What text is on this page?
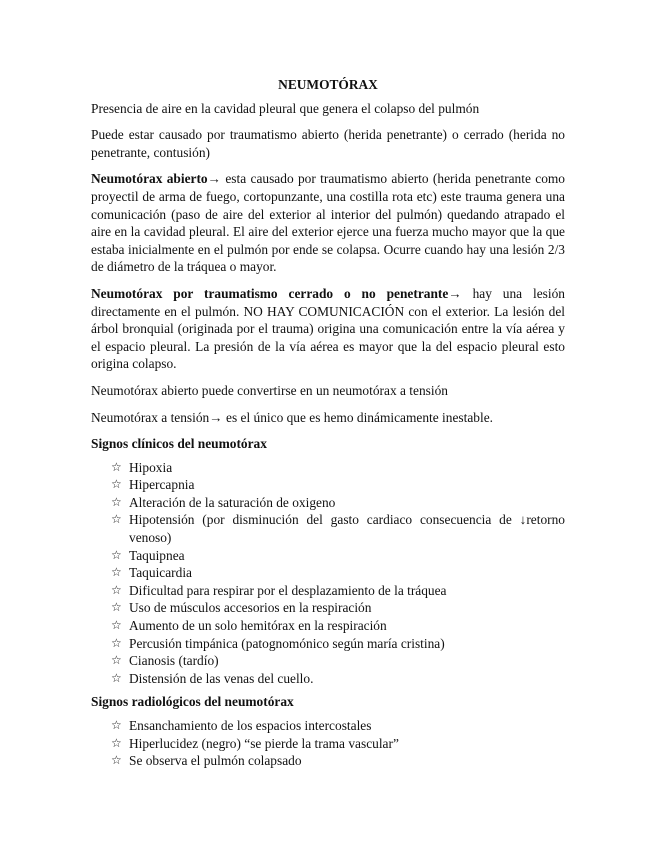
NEUMOTÓRAX

Presencia de aire en la cavidad pleural que genera el colapso del pulmón

Puede estar causado por traumatismo abierto (herida penetrante) o cerrado (herida no penetrante, contusión)

Neumotórax abierto→ esta causado por traumatismo abierto (herida penetrante como proyectil de arma de fuego, cortopunzante, una costilla rota etc) este trauma genera una comunicación (paso de aire del exterior al interior del pulmón) quedando atrapado el aire en la cavidad pleural. El aire del exterior ejerce una fuerza mucho mayor que la que estaba inicialmente en el pulmón por ende se colapsa. Ocurre cuando hay una lesión 2/3 de diámetro de la tráquea o mayor.

Neumotórax por traumatismo cerrado o no penetrante→ hay una lesión directamente en el pulmón. NO HAY COMUNICACIÓN con el exterior. La lesión del árbol bronquial (originada por el trauma) origina una comunicación entre la vía aérea y el espacio pleural. La presión de la vía aérea es mayor que la del espacio pleural esto origina colapso.

Neumotórax abierto puede convertirse en un neumotórax a tensión

Neumotórax a tensión→ es el único que es hemo dinámicamente inestable.

Signos clínicos del neumotórax
☆ Hipoxia
☆ Hipercapnia
☆ Alteración de la saturación de oxigeno
☆ Hipotensión (por disminución del gasto cardiaco consecuencia de ↓retorno venoso)
☆ Taquipnea
☆ Taquicardia
☆ Dificultad para respirar por el desplazamiento de la tráquea
☆ Uso de músculos accesorios en la respiración
☆ Aumento de un solo hemitórax en la respiración
☆ Percusión timpánica (patognomónico según maría cristina)
☆ Cianosis (tardío)
☆ Distensión de las venas del cuello.
Signos radiológicos del neumotórax
☆ Ensanchamiento de los espacios intercostales
☆ Hiperlucidez (negro) “se pierde la trama vascular”
☆ Se observa el pulmón colapsado
